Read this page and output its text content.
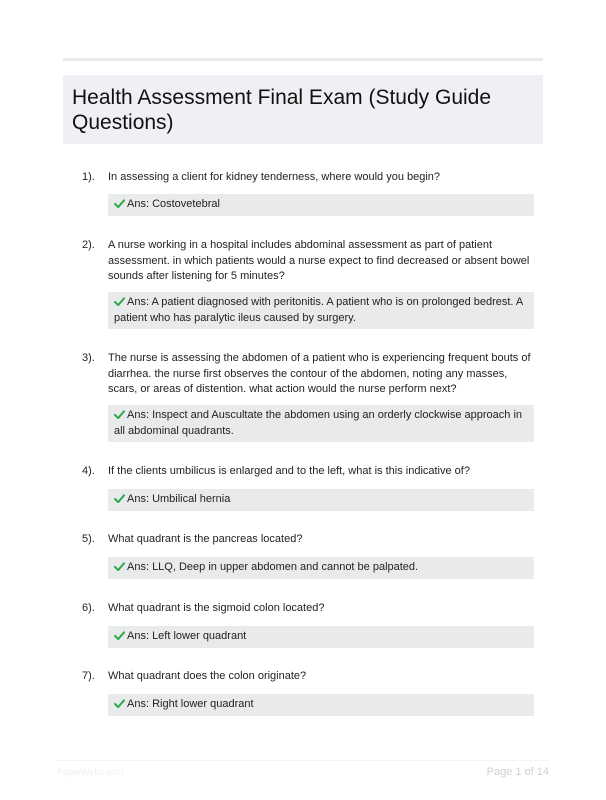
Health Assessment Final Exam (Study Guide Questions)
1). In assessing a client for kidney tenderness, where would you begin?
Ans: Costovetebral
2). A nurse working in a hospital includes abdominal assessment as part of patient assessment. in which patients would a nurse expect to find decreased or absent bowel sounds after listening for 5 minutes?
Ans: A patient diagnosed with peritonitis. A patient who is on prolonged bedrest. A patient who has paralytic ileus caused by surgery.
3). The nurse is assessing the abdomen of a patient who is experiencing frequent bouts of diarrhea. the nurse first observes the contour of the abdomen, noting any masses, scars, or areas of distention. what action would the nurse perform next?
Ans: Inspect and Auscultate the abdomen using an orderly clockwise approach in all abdominal quadrants.
4). If the clients umbilicus is enlarged and to the left, what is this indicative of?
Ans: Umbilical hernia
5). What quadrant is the pancreas located?
Ans: LLQ, Deep in upper abdomen and cannot be palpated.
6). What quadrant is the sigmoid colon located?
Ans: Left lower quadrant
7). What quadrant does the colon originate?
Ans: Right lower quadrant
PaperWebs.com	Page 1 of 14
